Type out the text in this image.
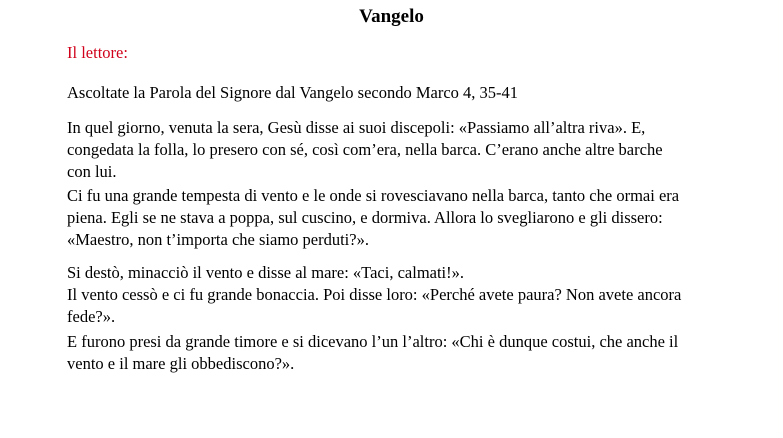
Vangelo

Il lettore:

Ascoltate la Parola del Signore dal Vangelo secondo Marco 4, 35-41

In quel giorno, venuta la sera, Gesù disse ai suoi discepoli: «Passiamo all’altra riva». E,
congedata la folla, lo presero con sé, così com’era, nella barca. C’erano anche altre barche
con lui.

Ci fu una grande tempesta di vento e le onde si rovesciavano nella barca, tanto che ormai era
piena. Egli se ne stava a poppa, sul cuscino, e dormiva. Allora lo svegliarono e gli dissero:
«Maestro, non t’importa che siamo perduti?».

Si destò, minacciò il vento e disse al mare: «Taci, calmati!».
Il vento cessò e ci fu grande bonaccia. Poi disse loro: «Perché avete paura? Non avete ancora
fede?».

E furono presi da grande timore e si dicevano l’un l’altro: «Chi è dunque costui, che anche il
vento e il mare gli obbediscono?».
